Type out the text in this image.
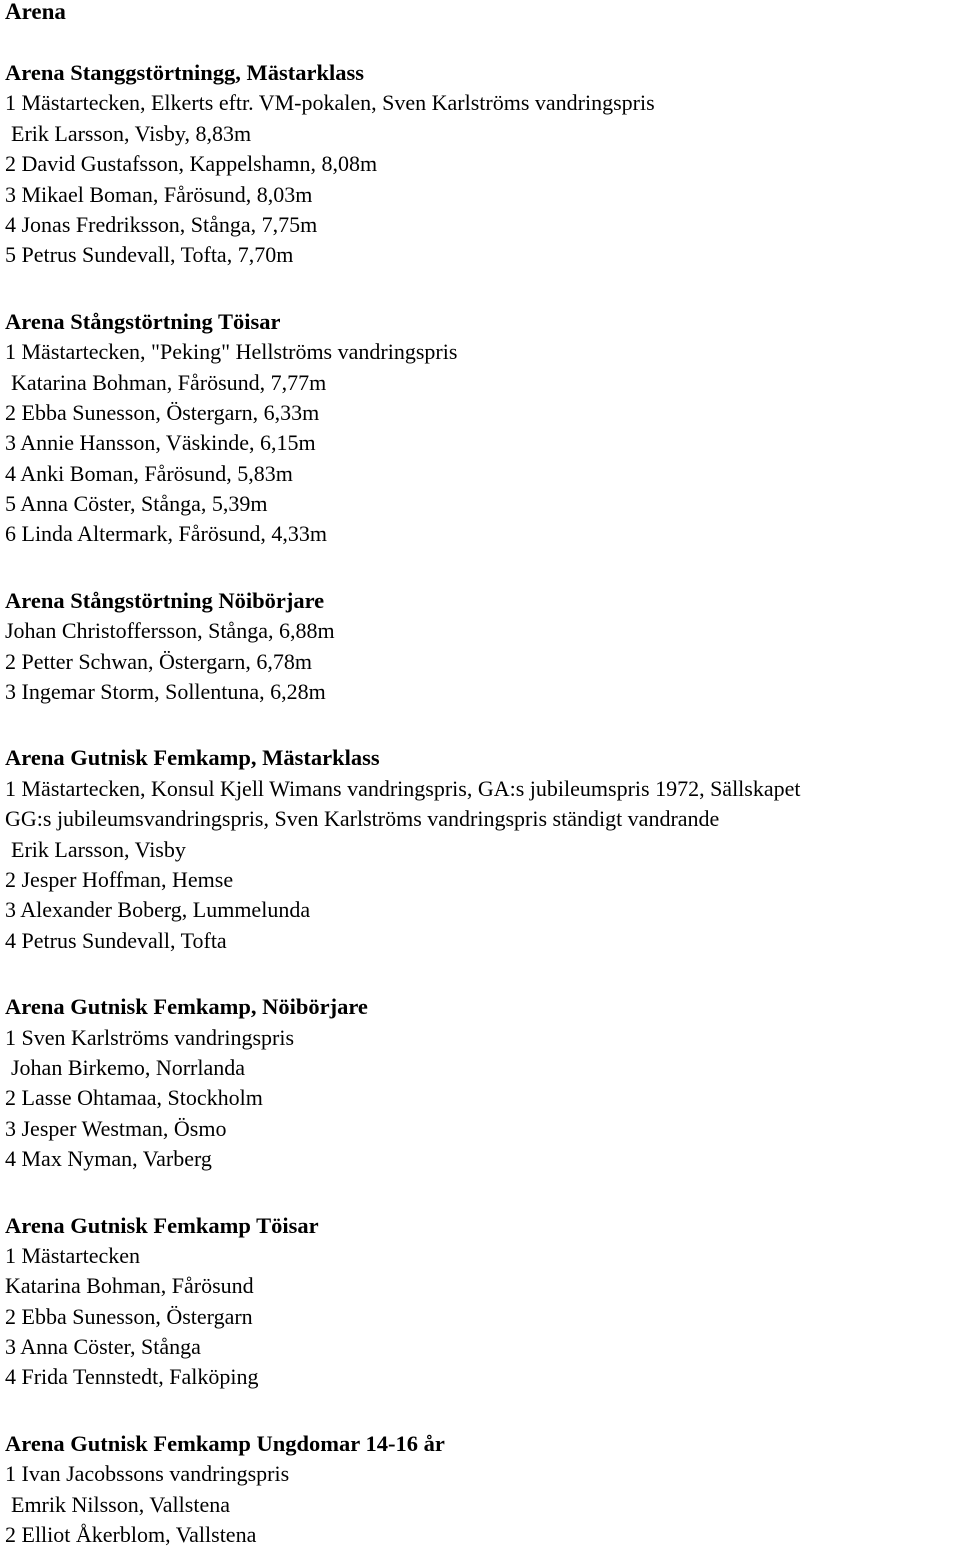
Arena
Arena Stanggstörtningg, Mästarklass
1 Mästartecken, Elkerts eftr. VM-pokalen, Sven Karlströms vandringspris
Erik Larsson, Visby, 8,83m
2 David Gustafsson, Kappelshamn, 8,08m
3 Mikael Boman, Fårösund, 8,03m
4 Jonas Fredriksson, Stånga, 7,75m
5 Petrus Sundevall, Tofta, 7,70m
Arena Stångstörtning Töisar
1 Mästartecken, "Peking" Hellströms vandringspris
Katarina Bohman, Fårösund, 7,77m
2 Ebba Sunesson, Östergarn, 6,33m
3 Annie Hansson, Väskinde, 6,15m
4 Anki Boman, Fårösund, 5,83m
5 Anna Cöster, Stånga, 5,39m
6 Linda Altermark, Fårösund, 4,33m
Arena Stångstörtning Nöibörjare
Johan Christoffersson, Stånga, 6,88m
2 Petter Schwan, Östergarn, 6,78m
3 Ingemar Storm, Sollentuna, 6,28m
Arena Gutnisk Femkamp, Mästarklass
1 Mästartecken, Konsul Kjell Wimans vandringspris, GA:s jubileumspris 1972, Sällskapet
GG:s jubileumsvandringspris, Sven Karlströms vandringspris ständigt vandrande
Erik Larsson, Visby
2 Jesper Hoffman, Hemse
3 Alexander Boberg, Lummelunda
4 Petrus Sundevall, Tofta
Arena Gutnisk Femkamp, Nöibörjare
1 Sven Karlströms vandringspris
Johan Birkemo, Norrlanda
2 Lasse Ohtamaa, Stockholm
3 Jesper Westman, Ösmo
4 Max Nyman, Varberg
Arena Gutnisk Femkamp Töisar
1 Mästartecken
Katarina Bohman, Fårösund
2 Ebba Sunesson, Östergarn
3 Anna Cöster, Stånga
4 Frida Tennstedt, Falköping
Arena Gutnisk Femkamp Ungdomar 14-16 år
1 Ivan Jacobssons vandringspris
Emrik Nilsson, Vallstena
2 Elliot Åkerblom, Vallstena
